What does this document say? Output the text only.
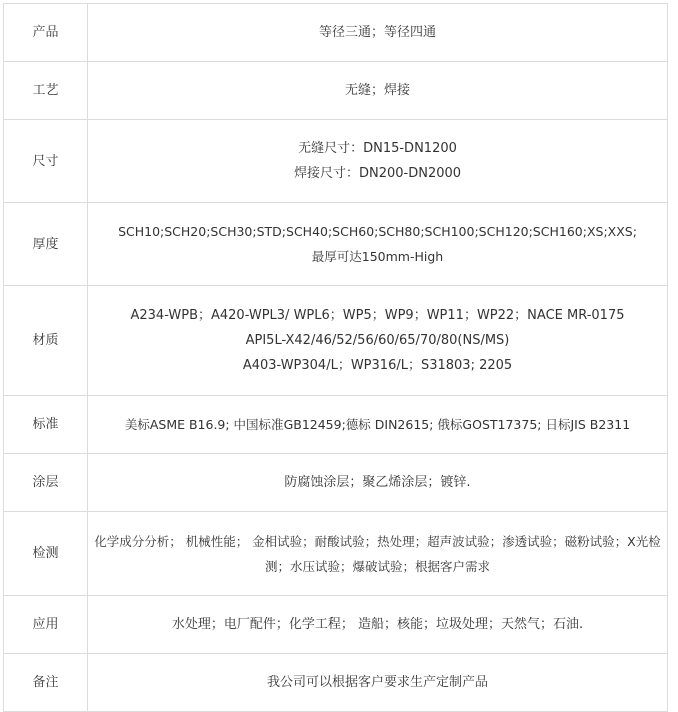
产品	等径三通；等径四通

工艺	无缝；焊接

尺寸	无缝尺寸：DN15-DN1200
焊接尺寸：DN200-DN2000

厚度	SCH10;SCH20;SCH30;STD;SCH40;SCH60;SCH80;SCH100;SCH120;SCH160;XS;XXS;
最厚可达150mm-High

材质	A234-WPB；A420-WPL3/ WPL6；WP5；WP9；WP11；WP22；NACE MR-0175
API5L-X42/46/52/56/60/65/70/80(NS/MS)
A403-WP304/L；WP316/L；S31803; 2205

标准	美标ASME B16.9; 中国标准GB12459;德标 DIN2615; 俄标GOST17375; 日标JIS B2311

涂层	防腐蚀涂层；聚乙烯涂层；镀锌.

检测	化学成分分析； 机械性能； 金相试验；耐酸试验；热处理；超声波试验；渗透试验；磁粉试验；X光检测；水压试验；爆破试验；根据客户需求

应用	水处理；电厂配件；化学工程； 造船；核能；垃圾处理；天然气；石油.

备注	我公司可以根据客户要求生产定制产品
